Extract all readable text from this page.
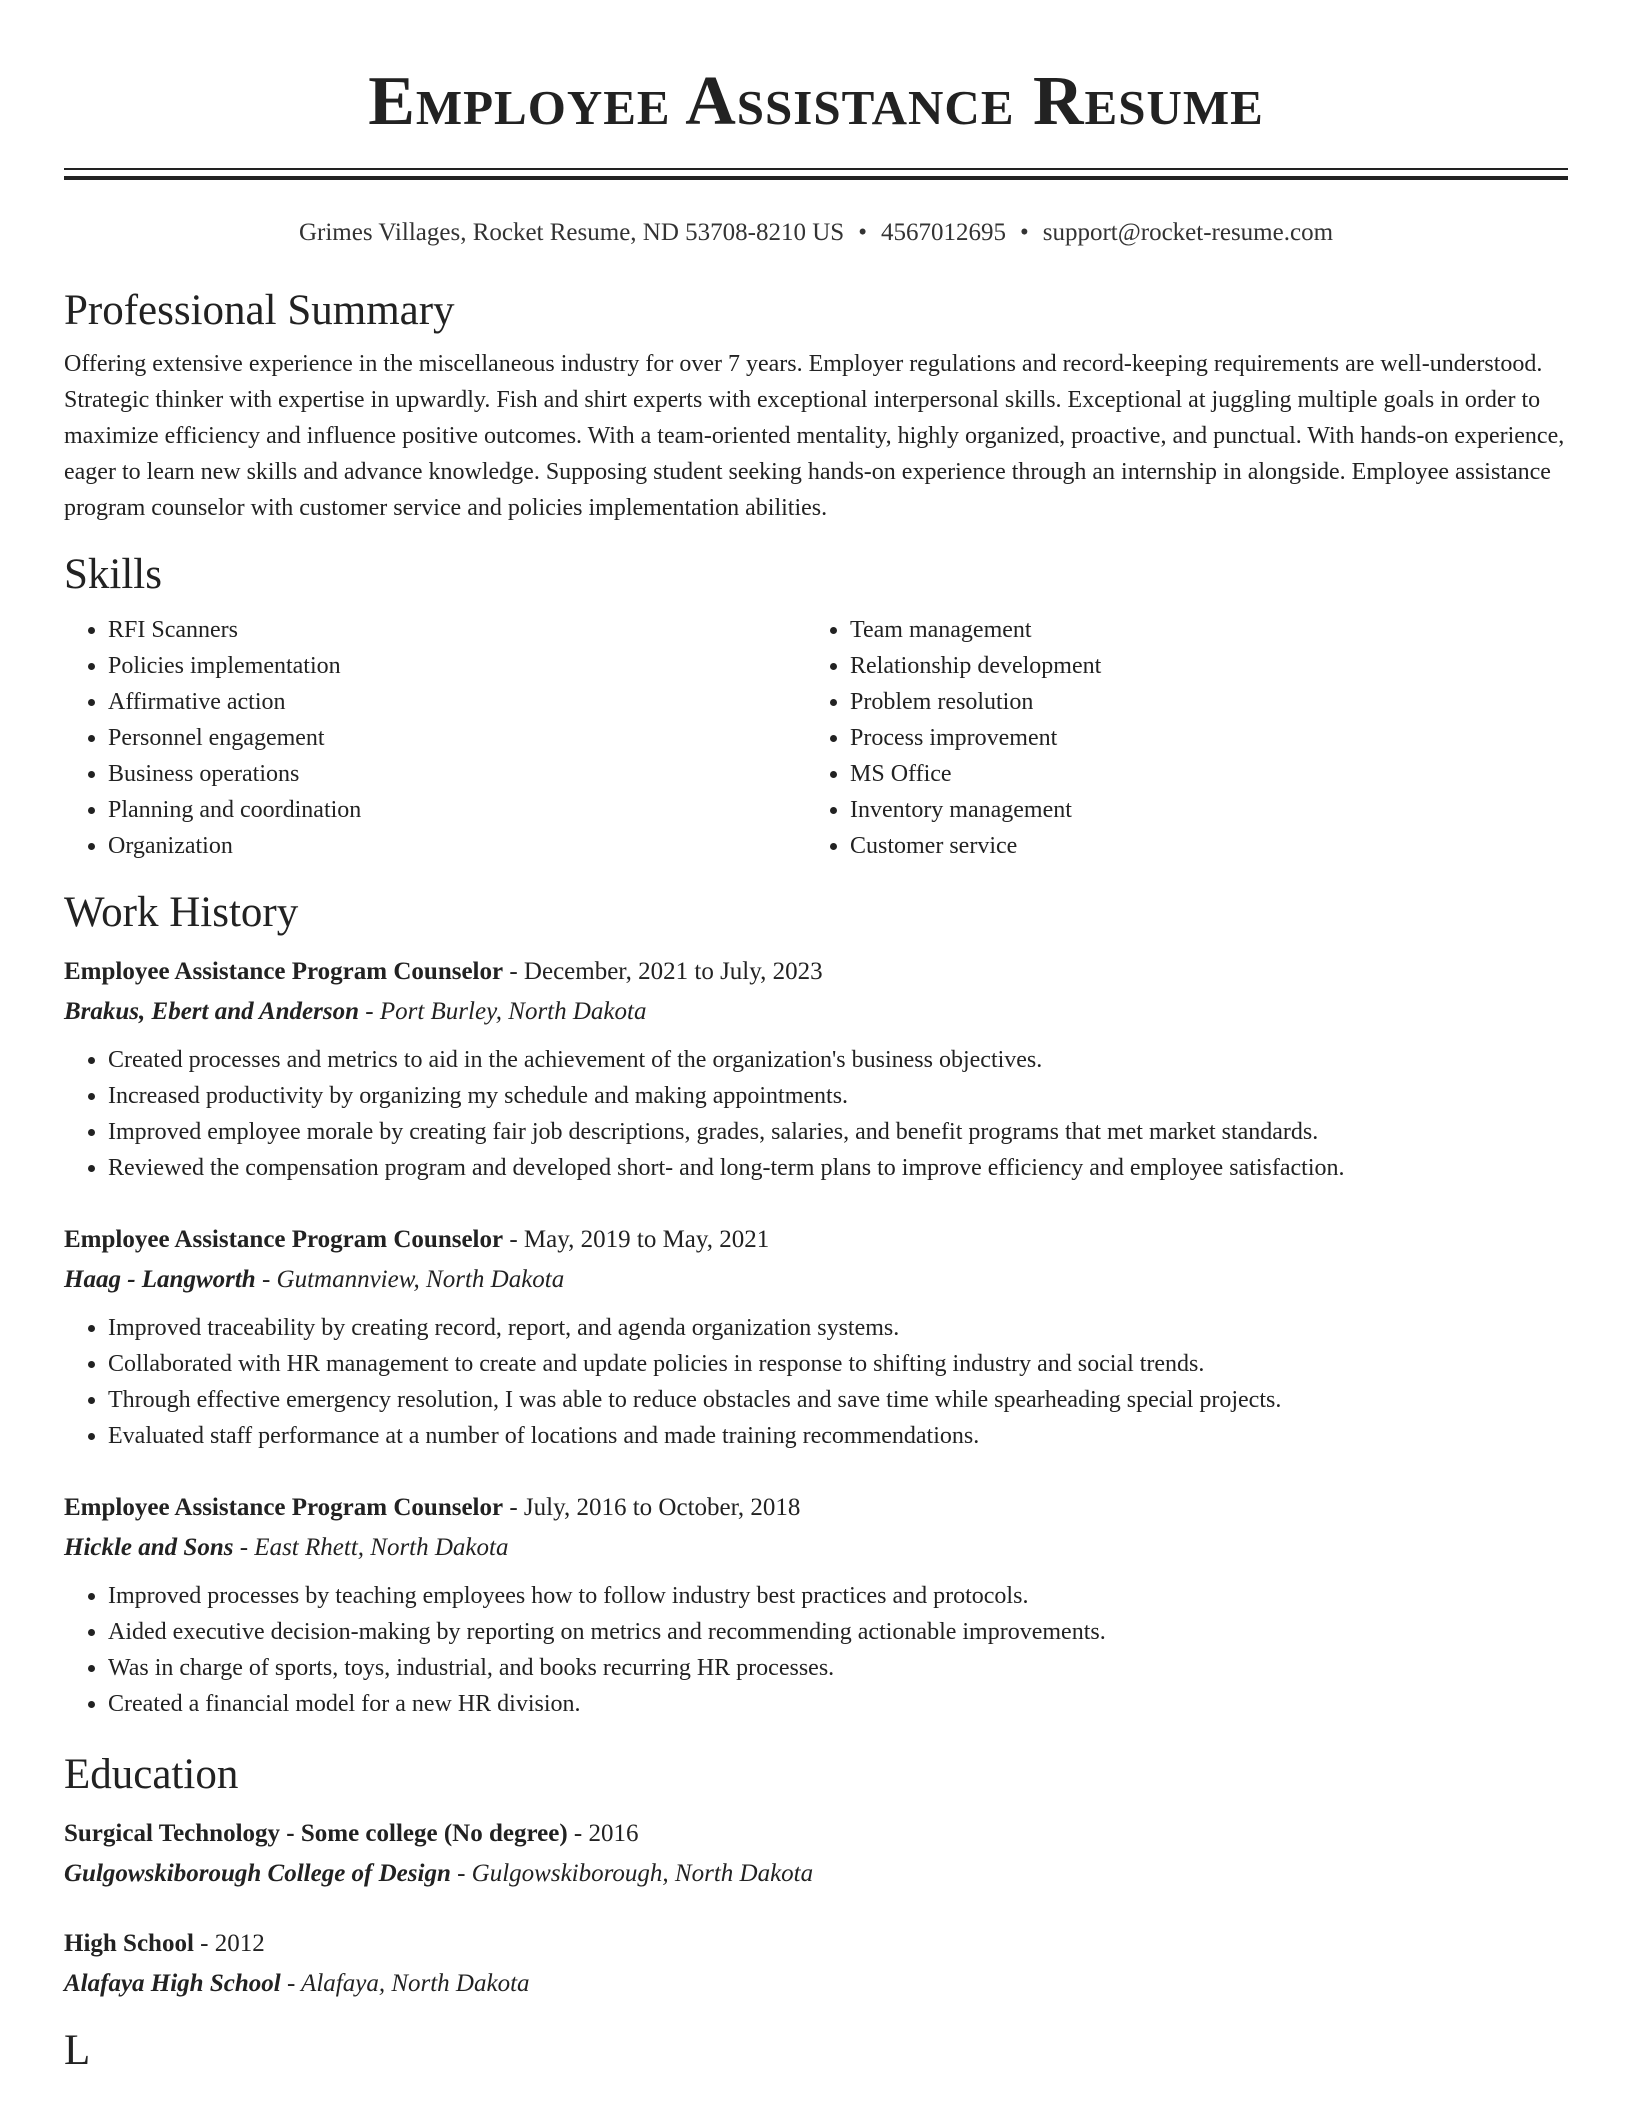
Employee Assistance Resume
Grimes Villages, Rocket Resume, ND 53708-8210 US • 4567012695 • support@rocket-resume.com
Professional Summary

Offering extensive experience in the miscellaneous industry for over 7 years. Employer regulations and record-keeping requirements are well-understood. Strategic thinker with expertise in upwardly. Fish and shirt experts with exceptional interpersonal skills. Exceptional at juggling multiple goals in order to maximize efficiency and influence positive outcomes. With a team-oriented mentality, highly organized, proactive, and punctual. With hands-on experience, eager to learn new skills and advance knowledge. Supposing student seeking hands-on experience through an internship in alongside. Employee assistance program counselor with customer service and policies implementation abilities.

Skills
• RFI Scanners
• Policies implementation
• Affirmative action
• Personnel engagement
• Business operations
• Planning and coordination
• Organization
• Team management
• Relationship development
• Problem resolution
• Process improvement
• MS Office
• Inventory management
• Customer service
Work History
Employee Assistance Program Counselor - December, 2021 to July, 2023
Brakus, Ebert and Anderson - Port Burley, North Dakota
• Created processes and metrics to aid in the achievement of the organization's business objectives.
• Increased productivity by organizing my schedule and making appointments.
• Improved employee morale by creating fair job descriptions, grades, salaries, and benefit programs that met market standards.
• Reviewed the compensation program and developed short- and long-term plans to improve efficiency and employee satisfaction.
Employee Assistance Program Counselor - May, 2019 to May, 2021
Haag - Langworth - Gutmannview, North Dakota
• Improved traceability by creating record, report, and agenda organization systems.
• Collaborated with HR management to create and update policies in response to shifting industry and social trends.
• Through effective emergency resolution, I was able to reduce obstacles and save time while spearheading special projects.
• Evaluated staff performance at a number of locations and made training recommendations.
Employee Assistance Program Counselor - July, 2016 to October, 2018
Hickle and Sons - East Rhett, North Dakota
• Improved processes by teaching employees how to follow industry best practices and protocols.
• Aided executive decision-making by reporting on metrics and recommending actionable improvements.
• Was in charge of sports, toys, industrial, and books recurring HR processes.
• Created a financial model for a new HR division.
Education
Surgical Technology - Some college (No degree) - 2016
Gulgowskiborough College of Design - Gulgowskiborough, North Dakota
High School - 2012
Alafaya High School - Alafaya, North Dakota
L
